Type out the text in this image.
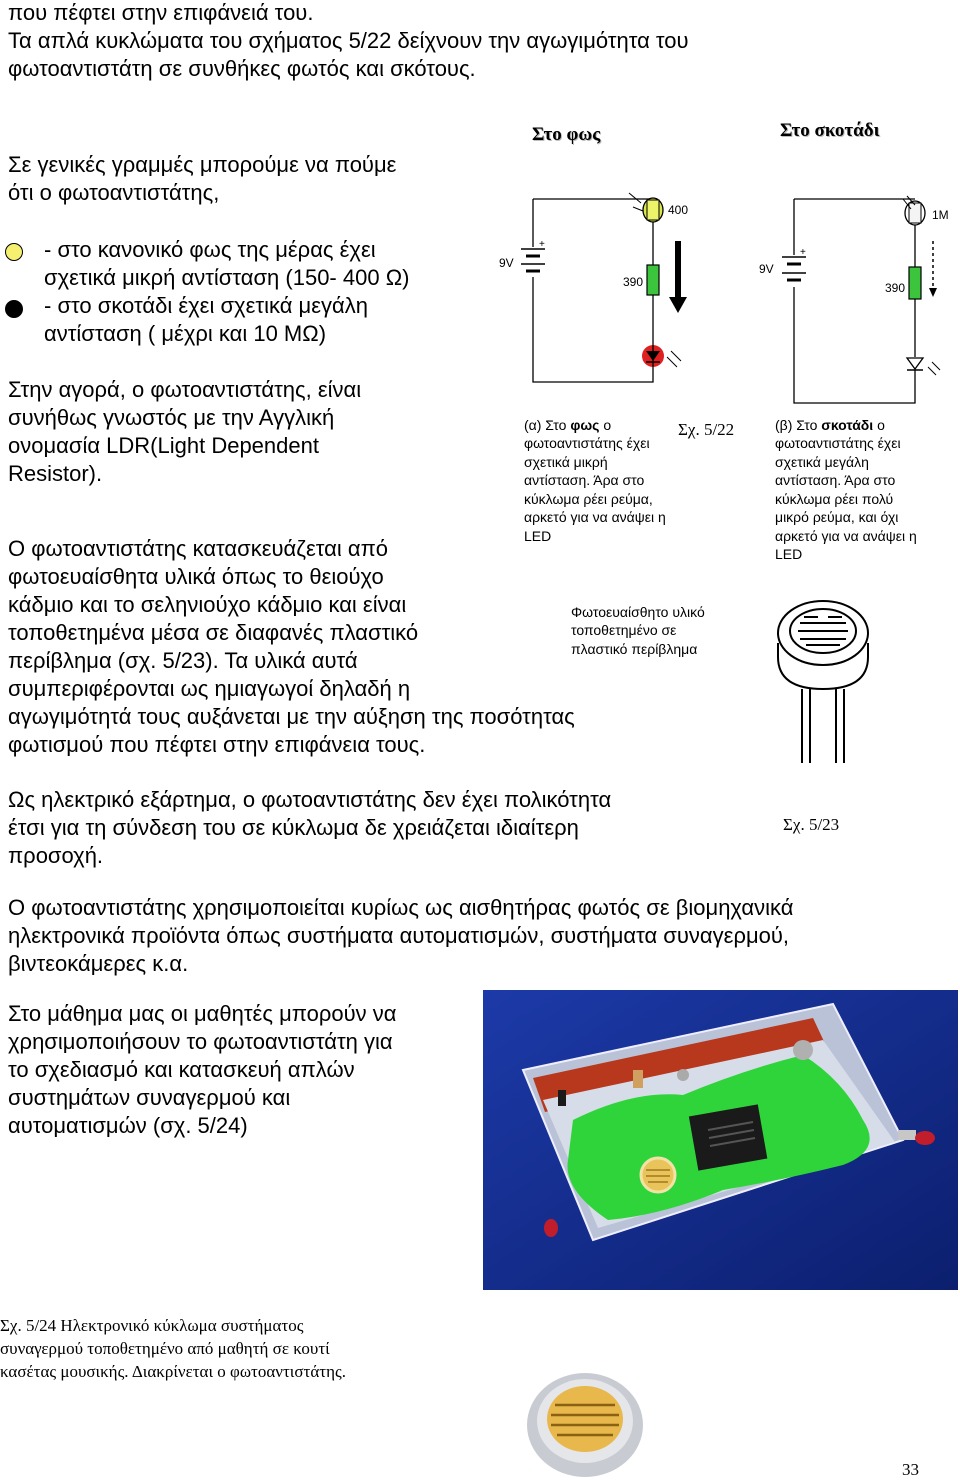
που πέφτει στην επιφάνειά του.
Τα απλά κυκλώματα του σχήματος 5/22 δείχνουν την αγωγιμότητα του
φωτοαντιστάτη σε συνθήκες φωτός και σκότους.
Σε γενικές γραμμές μπορούμε να πούμε
ότι ο φωτοαντιστάτης,
- στο κανονικό φως της μέρας έχει
σχετικά μικρή αντίσταση (150- 400 Ω)
- στο σκοτάδι έχει σχετικά μεγάλη
αντίσταση ( μέχρι και 10 ΜΩ)
Στην αγορά, ο φωτοαντιστάτης, είναι
συνήθως γνωστός με την Αγγλική
ονομασία LDR(Light Dependent
Resistor).
Ο φωτοαντιστάτης κατασκευάζεται από
φωτοευαίσθητα υλικά όπως το θειούχο
κάδμιο και το σεληνιούχο κάδμιο και είναι
τοποθετημένα μέσα σε διαφανές πλαστικό
περίβλημα (σχ. 5/23). Τα υλικά αυτά
συμπεριφέρονται ως ημιαγωγοί δηλαδή η
αγωγιμότητά τους αυξάνεται με την αύξηση της ποσότητας
φωτισμού που πέφτει στην επιφάνεια τους.
Ως ηλεκτρικό εξάρτημα, ο φωτοαντιστάτης δεν έχει πολικότητα
έτσι για τη σύνδεση του σε κύκλωμα δε χρειάζεται ιδιαίτερη
προσοχή.
Ο φωτοαντιστάτης χρησιμοποιείται κυρίως ως αισθητήρας φωτός σε βιομηχανικά
ηλεκτρονικά προϊόντα όπως συστήματα αυτοματισμών, συστήματα συναγερμού,
βιντεοκάμερες κ.α.
Στο μάθημα μας οι μαθητές μπορούν να
χρησιμοποιήσουν το φωτοαντιστάτη για
το σχεδιασμό και κατασκευή απλών
συστημάτων συναγερμού και
αυτοματισμών (σχ. 5/24)
Στο φως	Στο σκοτάδι
+
9V
400
390
+
9V
1M
390
(α) Στο φως ο
φωτοαντιστάτης έχει
σχετικά μικρή
αντίσταση. Άρα στο
κύκλωμα ρέει ρεύμα,
αρκετό για να ανάψει η
LED
Σχ. 5/22	(β) Στο σκοτάδι ο
φωτοαντιστάτης έχει
σχετικά μεγάλη
αντίσταση. Άρα στο
κύκλωμα ρέει πολύ
μικρό ρεύμα, και όχι
αρκετό για να ανάψει η
LED
Φωτοευαίσθητο υλικό
τοποθετημένο σε
πλαστικό περίβλημα
Σχ. 5/23
Σχ. 5/24 Ηλεκτρονικό κύκλωμα συστήματος
συναγερμού τοποθετημένο από μαθητή σε κουτί
κασέτας μουσικής. Διακρίνεται ο φωτοαντιστάτης.
33
